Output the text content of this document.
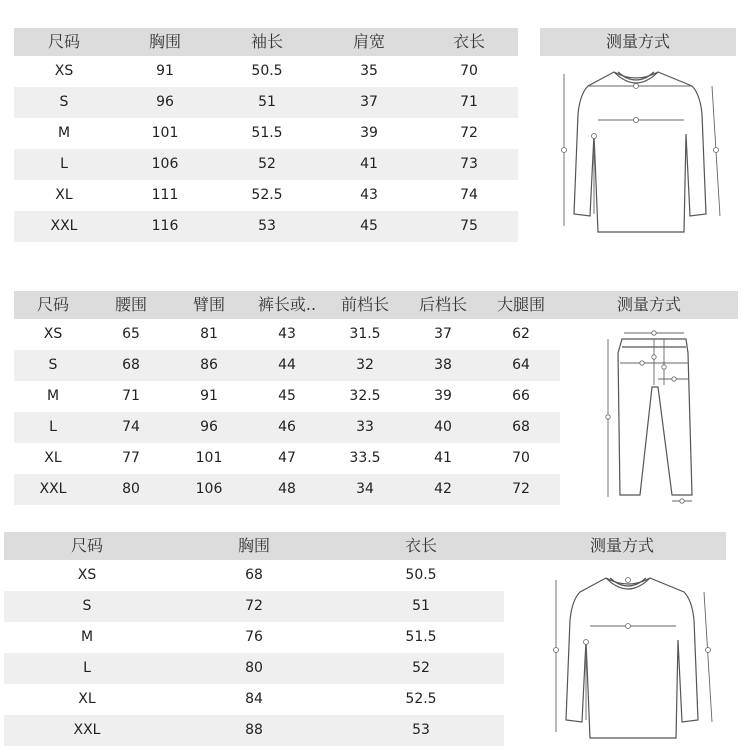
尺码	胸围	袖长	肩宽	衣长	测量方式
XS	91	50.5	35	70
S	96	51	37	71
M	101	51.5	39	72
L	106	52	41	73
XL	111	52.5	43	74
XXL	116	53	45	75
尺码	腰围	臂围	裤长或..	前档长	后档长	大腿围	测量方式
XS	65	81	43	31.5	37	62
S	68	86	44	32	38	64
M	71	91	45	32.5	39	66
L	74	96	46	33	40	68
XL	77	101	47	33.5	41	70
XXL	80	106	48	34	42	72
尺码	胸围	衣长	测量方式
XS	68	50.5
S	72	51
M	76	51.5
L	80	52
XL	84	52.5
XXL	88	53
